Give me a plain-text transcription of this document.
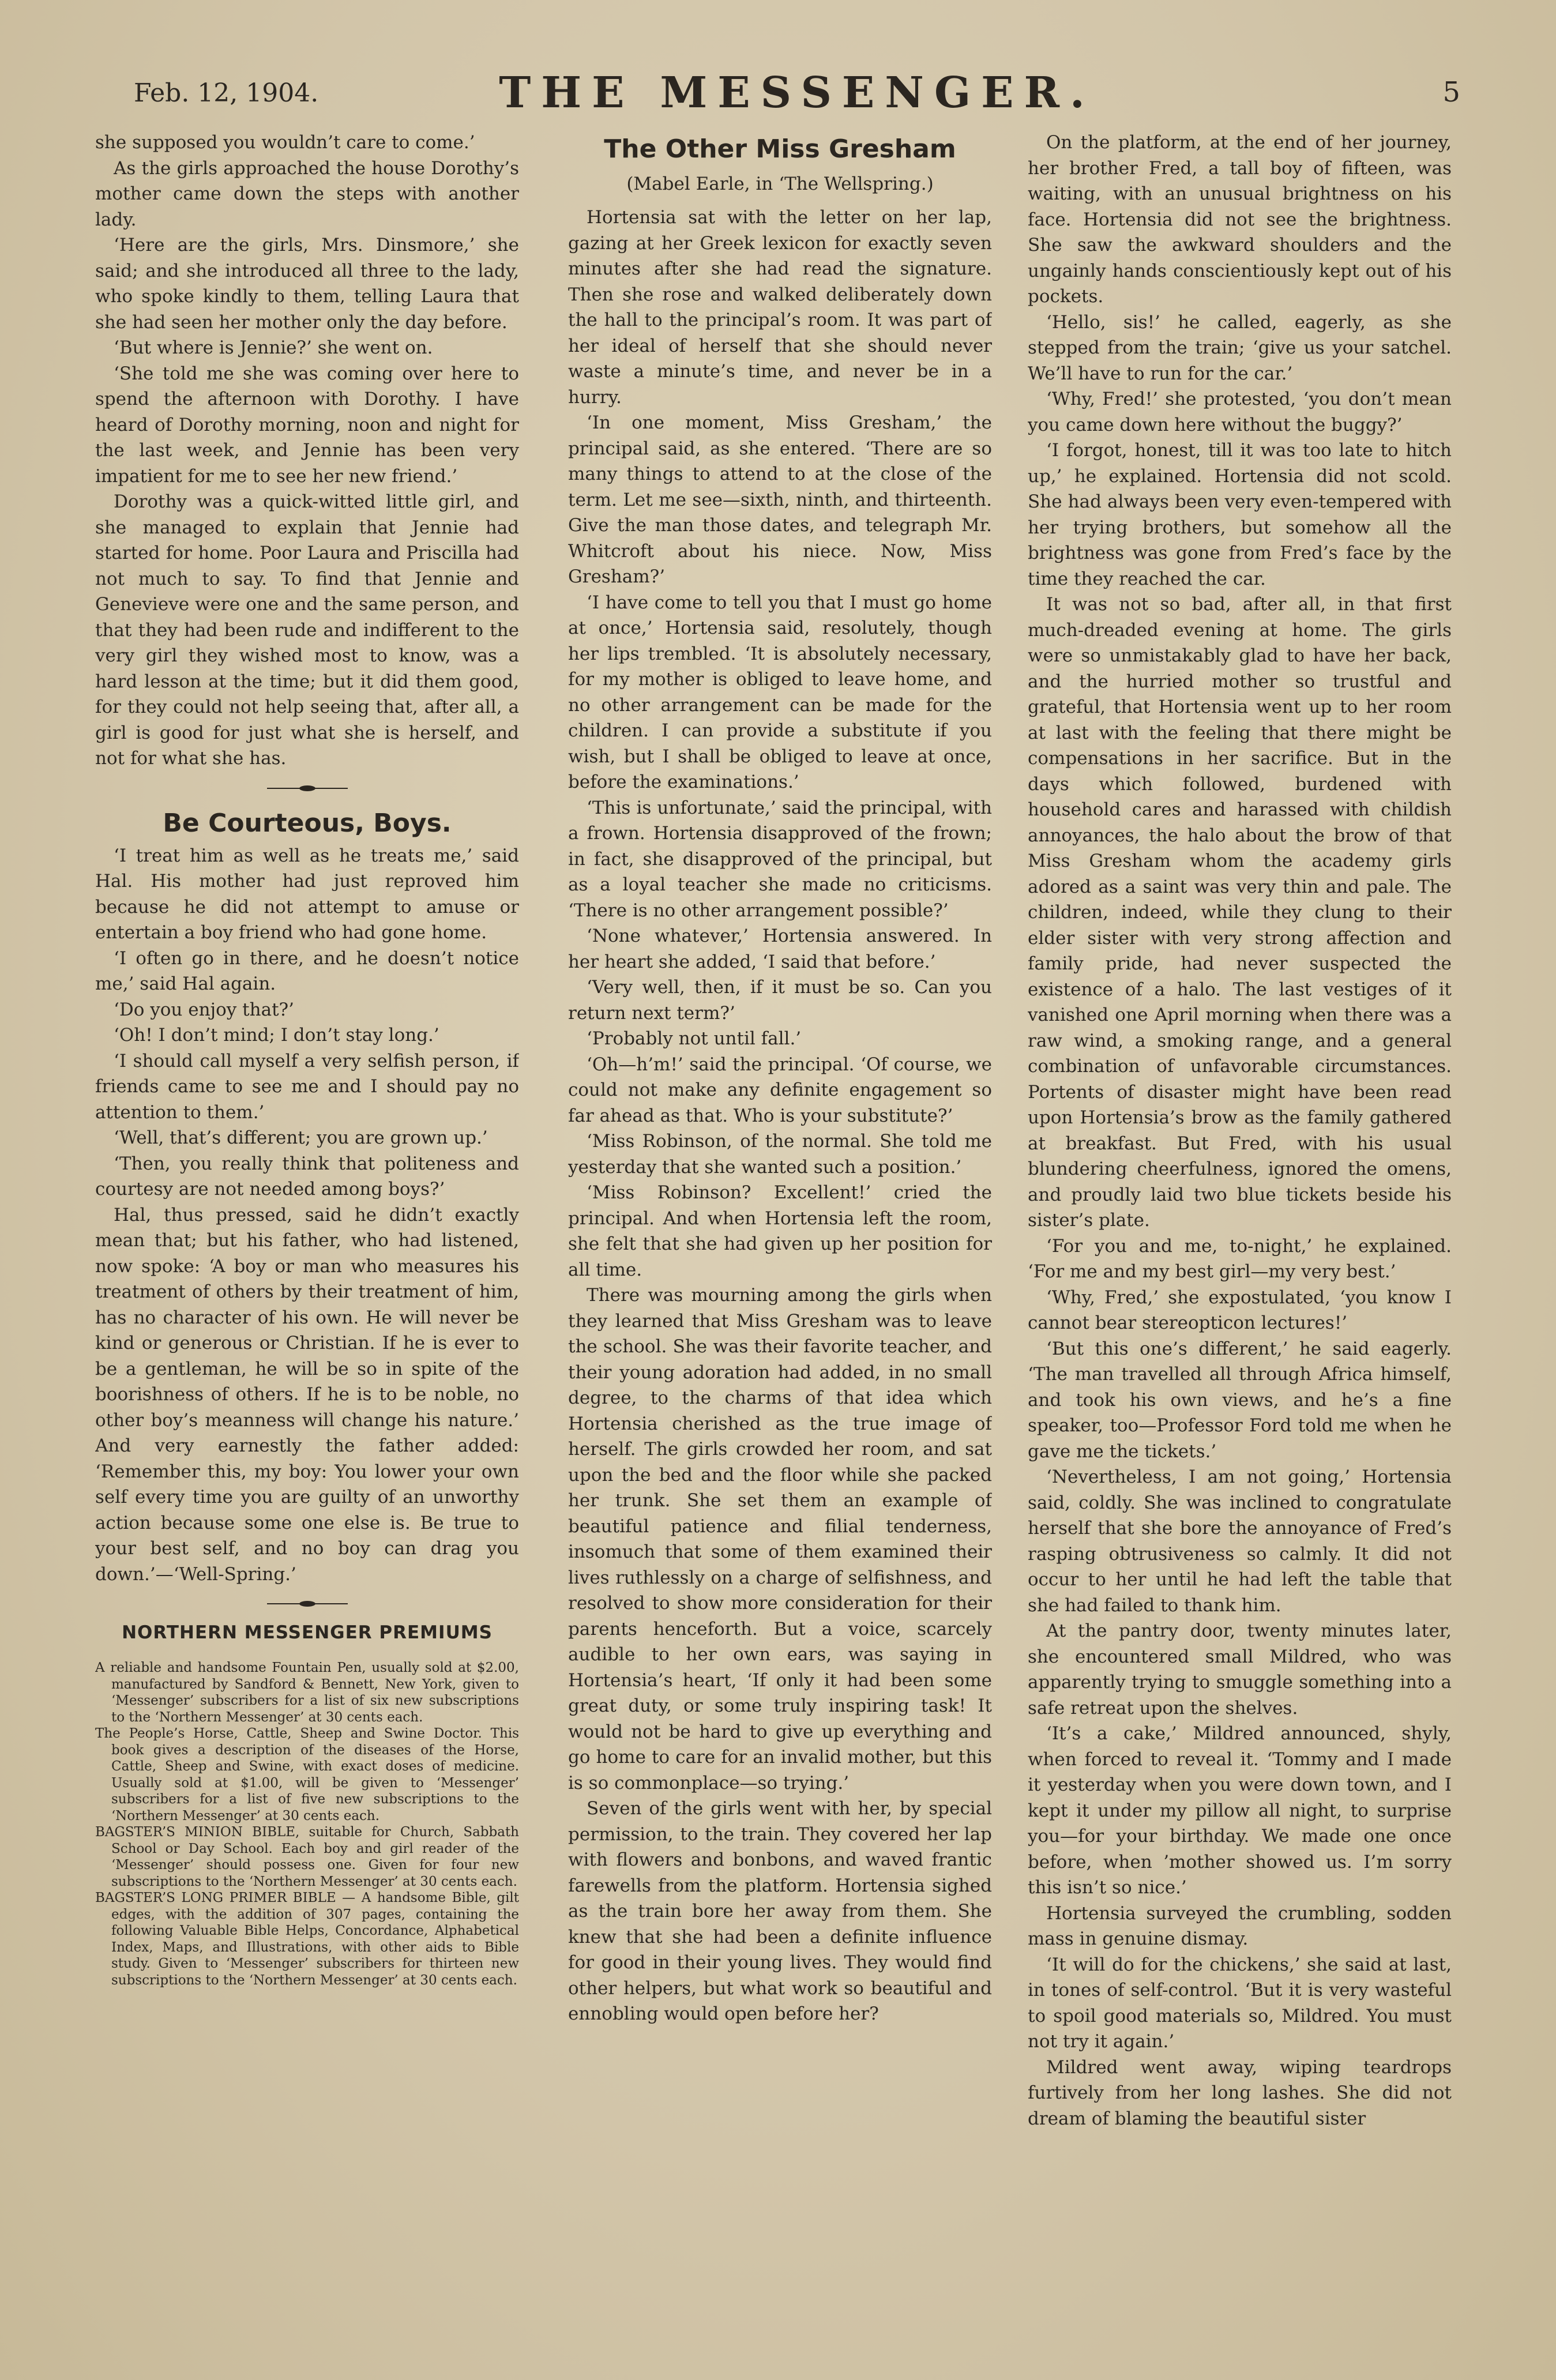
Feb. 12, 1904.	THE MESSENGER.	5

she supposed you wouldn’t care to come.’

As the girls approached the house Dorothy’s mother came down the steps with another lady.

‘Here are the girls, Mrs. Dinsmore,’ she said; and she introduced all three to the lady, who spoke kindly to them, telling Laura that she had seen her mother only the day before.

‘But where is Jennie?’ she went on.

‘She told me she was coming over here to spend the afternoon with Dorothy. I have heard of Dorothy morning, noon and night for the last week, and Jennie has been very impatient for me to see her new friend.’

Dorothy was a quick-witted little girl, and she managed to explain that Jennie had started for home. Poor Laura and Priscilla had not much to say. To find that Jennie and Genevieve were one and the same person, and that they had been rude and indifferent to the very girl they wished most to know, was a hard lesson at the time; but it did them good, for they could not help seeing that, after all, a girl is good for just what she is herself, and not for what she has.

Be Courteous, Boys.

‘I treat him as well as he treats me,’ said Hal. His mother had just reproved him because he did not attempt to amuse or entertain a boy friend who had gone home.

‘I often go in there, and he doesn’t notice me,’ said Hal again.

‘Do you enjoy that?’

‘Oh! I don’t mind; I don’t stay long.’

‘I should call myself a very selfish person, if friends came to see me and I should pay no attention to them.’

‘Well, that’s different; you are grown up.’

‘Then, you really think that politeness and courtesy are not needed among boys?’

Hal, thus pressed, said he didn’t exactly mean that; but his father, who had listened, now spoke: ‘A boy or man who measures his treatment of others by their treatment of him, has no character of his own. He will never be kind or generous or Christian. If he is ever to be a gentleman, he will be so in spite of the boorishness of others. If he is to be noble, no other boy’s meanness will change his nature.’ And very earnestly the father added: ‘Remember this, my boy: You lower your own self every time you are guilty of an unworthy action because some one else is. Be true to your best self, and no boy can drag you down.’—‘Well-Spring.’

NORTHERN MESSENGER PREMIUMS

A reliable and handsome Fountain Pen, usually sold at $2.00, manufactured by Sandford & Bennett, New York, given to ‘Messenger’ subscribers for a list of six new subscriptions to the ‘Northern Messenger’ at 30 cents each.

The People’s Horse, Cattle, Sheep and Swine Doctor. This book gives a description of the diseases of the Horse, Cattle, Sheep and Swine, with exact doses of medicine. Usually sold at $1.00, will be given to ‘Messenger’ subscribers for a list of five new subscriptions to the ‘Northern Messenger’ at 30 cents each.

BAGSTER’S MINION BIBLE, suitable for Church, Sabbath School or Day School. Each boy and girl reader of the ‘Messenger’ should possess one. Given for four new subscriptions to the ‘Northern Messenger’ at 30 cents each.

BAGSTER’S LONG PRIMER BIBLE — A handsome Bible, gilt edges, with the addition of 307 pages, containing the following Valuable Bible Helps, Concordance, Alphabetical Index, Maps, and Illustrations, with other aids to Bible study. Given to ‘Messenger’ subscribers for thirteen new subscriptions to the ‘Northern Messenger’ at 30 cents each.

The Other Miss Gresham

(Mabel Earle, in ‘The Wellspring.)

Hortensia sat with the letter on her lap, gazing at her Greek lexicon for exactly seven minutes after she had read the signature. Then she rose and walked deliberately down the hall to the principal’s room. It was part of her ideal of herself that she should never waste a minute’s time, and never be in a hurry.

‘In one moment, Miss Gresham,’ the principal said, as she entered. ‘There are so many things to attend to at the close of the term. Let me see—sixth, ninth, and thirteenth. Give the man those dates, and telegraph Mr. Whitcroft about his niece. Now, Miss Gresham?’

‘I have come to tell you that I must go home at once,’ Hortensia said, resolutely, though her lips trembled. ‘It is absolutely necessary, for my mother is obliged to leave home, and no other arrangement can be made for the children. I can provide a substitute if you wish, but I shall be obliged to leave at once, before the examinations.’

‘This is unfortunate,’ said the principal, with a frown. Hortensia disapproved of the frown; in fact, she disapproved of the principal, but as a loyal teacher she made no criticisms. ‘There is no other arrangement possible?’

‘None whatever,’ Hortensia answered. In her heart she added, ‘I said that before.’

‘Very well, then, if it must be so. Can you return next term?’

‘Probably not until fall.’

‘Oh—h’m!’ said the principal. ‘Of course, we could not make any definite engagement so far ahead as that. Who is your substitute?’

‘Miss Robinson, of the normal. She told me yesterday that she wanted such a position.’

‘Miss Robinson? Excellent!’ cried the principal. And when Hortensia left the room, she felt that she had given up her position for all time.

There was mourning among the girls when they learned that Miss Gresham was to leave the school. She was their favorite teacher, and their young adoration had added, in no small degree, to the charms of that idea which Hortensia cherished as the true image of herself. The girls crowded her room, and sat upon the bed and the floor while she packed her trunk. She set them an example of beautiful patience and filial tenderness, insomuch that some of them examined their lives ruthlessly on a charge of selfishness, and resolved to show more consideration for their parents henceforth. But a voice, scarcely audible to her own ears, was saying in Hortensia’s heart, ‘If only it had been some great duty, or some truly inspiring task! It would not be hard to give up everything and go home to care for an invalid mother, but this is so commonplace—so trying.’

Seven of the girls went with her, by special permission, to the train. They covered her lap with flowers and bonbons, and waved frantic farewells from the platform. Hortensia sighed as the train bore her away from them. She knew that she had been a definite influence for good in their young lives. They would find other helpers, but what work so beautiful and ennobling would open before her?

On the platform, at the end of her journey, her brother Fred, a tall boy of fifteen, was waiting, with an unusual brightness on his face. Hortensia did not see the brightness. She saw the awkward shoulders and the ungainly hands conscientiously kept out of his pockets.

‘Hello, sis!’ he called, eagerly, as she stepped from the train; ‘give us your satchel. We’ll have to run for the car.’

‘Why, Fred!’ she protested, ‘you don’t mean you came down here without the buggy?’

‘I forgot, honest, till it was too late to hitch up,’ he explained. Hortensia did not scold. She had always been very even-tempered with her trying brothers, but somehow all the brightness was gone from Fred’s face by the time they reached the car.

It was not so bad, after all, in that first much-dreaded evening at home. The girls were so unmistakably glad to have her back, and the hurried mother so trustful and grateful, that Hortensia went up to her room at last with the feeling that there might be compensations in her sacrifice. But in the days which followed, burdened with household cares and harassed with childish annoyances, the halo about the brow of that Miss Gresham whom the academy girls adored as a saint was very thin and pale. The children, indeed, while they clung to their elder sister with very strong affection and family pride, had never suspected the existence of a halo. The last vestiges of it vanished one April morning when there was a raw wind, a smoking range, and a general combination of unfavorable circumstances. Portents of disaster might have been read upon Hortensia’s brow as the family gathered at breakfast. But Fred, with his usual blundering cheerfulness, ignored the omens, and proudly laid two blue tickets beside his sister’s plate.

‘For you and me, to-night,’ he explained. ‘For me and my best girl—my very best.’

‘Why, Fred,’ she expostulated, ‘you know I cannot bear stereopticon lectures!’

‘But this one’s different,’ he said eagerly. ‘The man travelled all through Africa himself, and took his own views, and he’s a fine speaker, too—Professor Ford told me when he gave me the tickets.’

‘Nevertheless, I am not going,’ Hortensia said, coldly. She was inclined to congratulate herself that she bore the annoyance of Fred’s rasping obtrusiveness so calmly. It did not occur to her until he had left the table that she had failed to thank him.

At the pantry door, twenty minutes later, she encountered small Mildred, who was apparently trying to smuggle something into a safe retreat upon the shelves.

‘It’s a cake,’ Mildred announced, shyly, when forced to reveal it. ‘Tommy and I made it yesterday when you were down town, and I kept it under my pillow all night, to surprise you—for your birthday. We made one once before, when ’mother showed us. I’m sorry this isn’t so nice.’

Hortensia surveyed the crumbling, sodden mass in genuine dismay.

‘It will do for the chickens,’ she said at last, in tones of self-control. ‘But it is very wasteful to spoil good materials so, Mildred. You must not try it again.’

Mildred went away, wiping teardrops furtively from her long lashes. She did not dream of blaming the beautiful sister
